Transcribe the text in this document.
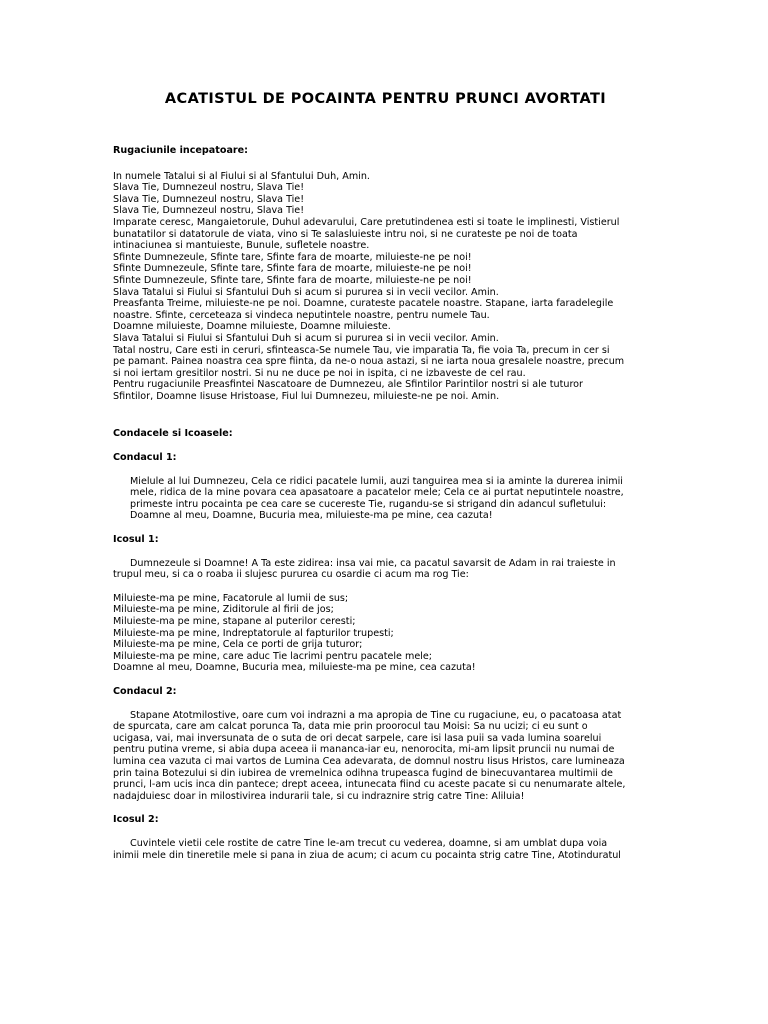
ACATISTUL DE POCAINTA PENTRU PRUNCI AVORTATI
Rugaciunile incepatoare:
In numele Tatalui si al Fiului si al Sfantului Duh, Amin.
Slava Tie, Dumnezeul nostru, Slava Tie!
Slava Tie, Dumnezeul nostru, Slava Tie!
Slava Tie, Dumnezeul nostru, Slava Tie!
Imparate ceresc, Mangaietorule, Duhul adevarului, Care pretutindenea esti si toate le implinesti, Vistierul
bunatatilor si datatorule de viata, vino si Te salasluieste intru noi, si ne curateste pe noi de toata
intinaciunea si mantuieste, Bunule, sufletele noastre.
Sfinte Dumnezeule, Sfinte tare, Sfinte fara de moarte, miluieste-ne pe noi!
Sfinte Dumnezeule, Sfinte tare, Sfinte fara de moarte, miluieste-ne pe noi!
Sfinte Dumnezeule, Sfinte tare, Sfinte fara de moarte, miluieste-ne pe noi!
Slava Tatalui si Fiului si Sfantului Duh si acum si pururea si in vecii vecilor. Amin.
Preasfanta Treime, miluieste-ne pe noi. Doamne, curateste pacatele noastre. Stapane, iarta faradelegile
noastre. Sfinte, cerceteaza si vindeca neputintele noastre, pentru numele Tau.
Doamne miluieste, Doamne miluieste, Doamne miluieste.
Slava Tatalui si Fiului si Sfantului Duh si acum si pururea si in vecii vecilor. Amin.
Tatal nostru, Care esti in ceruri, sfinteasca-Se numele Tau, vie imparatia Ta, fie voia Ta, precum in cer si
pe pamant. Painea noastra cea spre fiinta, da ne-o noua astazi, si ne iarta noua gresalele noastre, precum
si noi iertam gresitilor nostri. Si nu ne duce pe noi in ispita, ci ne izbaveste de cel rau.
Pentru rugaciunile Preasfintei Nascatoare de Dumnezeu, ale Sfintilor Parintilor nostri si ale tuturor
Sfintilor, Doamne Iisuse Hristoase, Fiul lui Dumnezeu, miluieste-ne pe noi. Amin.
Condacele si Icoasele:
Condacul 1:
Mielule al lui Dumnezeu, Cela ce ridici pacatele lumii, auzi tanguirea mea si ia aminte la durerea inimii
mele, ridica de la mine povara cea apasatoare a pacatelor mele; Cela ce ai purtat neputintele noastre,
primeste intru pocainta pe cea care se cucereste Tie, rugandu-se si strigand din adancul sufletului:
Doamne al meu, Doamne, Bucuria mea, miluieste-ma pe mine, cea cazuta!
Icosul 1:
Dumnezeule si Doamne! A Ta este zidirea: insa vai mie, ca pacatul savarsit de Adam in rai traieste in
trupul meu, si ca o roaba ii slujesc pururea cu osardie ci acum ma rog Tie:
Miluieste-ma pe mine, Facatorule al lumii de sus;
Miluieste-ma pe mine, Ziditorule al firii de jos;
Miluieste-ma pe mine, stapane al puterilor ceresti;
Miluieste-ma pe mine, Indreptatorule al fapturilor trupesti;
Miluieste-ma pe mine, Cela ce porti de grija tuturor;
Miluieste-ma pe mine, care aduc Tie lacrimi pentru pacatele mele;
Doamne al meu, Doamne, Bucuria mea, miluieste-ma pe mine, cea cazuta!
Condacul 2:
Stapane Atotmilostive, oare cum voi indrazni a ma apropia de Tine cu rugaciune, eu, o pacatoasa atat
de spurcata, care am calcat porunca Ta, data mie prin proorocul tau Moisi: Sa nu ucizi; ci eu sunt o
ucigasa, vai, mai inversunata de o suta de ori decat sarpele, care isi lasa puii sa vada lumina soarelui
pentru putina vreme, si abia dupa aceea ii mananca-iar eu, nenorocita, mi-am lipsit pruncii nu numai de
lumina cea vazuta ci mai vartos de Lumina Cea adevarata, de domnul nostru Iisus Hristos, care lumineaza
prin taina Botezului si din iubirea de vremelnica odihna trupeasca fugind de binecuvantarea multimii de
prunci, l-am ucis inca din pantece; drept aceea, intunecata fiind cu aceste pacate si cu nenumarate altele,
nadajduiesc doar in milostivirea indurarii tale, si cu indraznire strig catre Tine: Aliluia!
Icosul 2:
Cuvintele vietii cele rostite de catre Tine le-am trecut cu vederea, doamne, si am umblat dupa voia
inimii mele din tineretile mele si pana in ziua de acum; ci acum cu pocainta strig catre Tine, Atotinduratul
